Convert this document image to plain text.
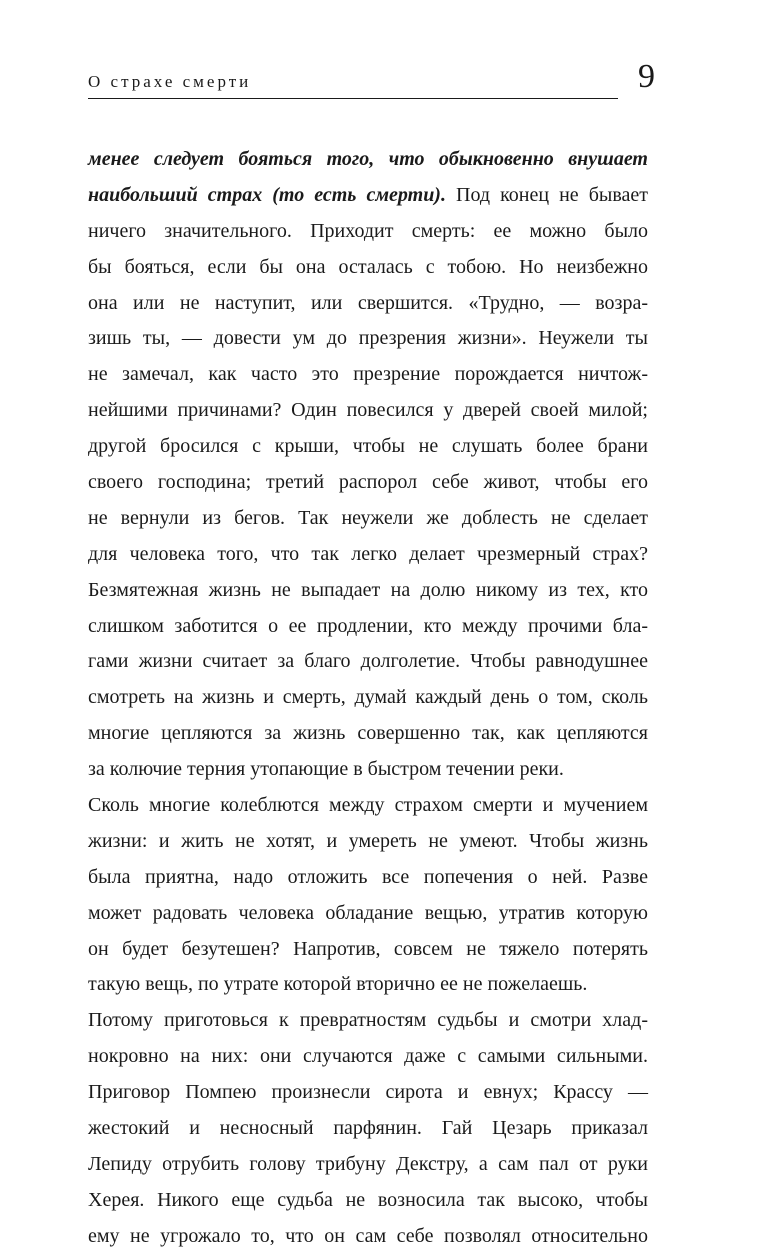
О страхе смерти	9
менее следует бояться того, что обыкновенно внушает
наибольший страх (то есть смерти). Под конец не бывает
ничего значительного. Приходит смерть: ее можно было
бы бояться, если бы она осталась с тобою. Но неизбежно
она или не наступит, или свершится. «Трудно, — возра-
зишь ты, — довести ум до презрения жизни». Неужели ты
не замечал, как часто это презрение порождается ничтож-
нейшими причинами? Один повесился у дверей своей милой;
другой бросился с крыши, чтобы не слушать более брани
своего господина; третий распорол себе живот, чтобы его
не вернули из бегов. Так неужели же доблесть не сделает
для человека того, что так легко делает чрезмерный страх?
Безмятежная жизнь не выпадает на долю никому из тех, кто
слишком заботится о ее продлении, кто между прочими бла-
гами жизни считает за благо долголетие. Чтобы равнодушнее
смотреть на жизнь и смерть, думай каждый день о том, сколь
многие цепляются за жизнь совершенно так, как цепляются
за колючие терния утопающие в быстром течении реки.
Сколь многие колеблются между страхом смерти и мучением
жизни: и жить не хотят, и умереть не умеют. Чтобы жизнь
была приятна, надо отложить все попечения о ней. Разве
может радовать человека обладание вещью, утратив которую
он будет безутешен? Напротив, совсем не тяжело потерять
такую вещь, по утрате которой вторично ее не пожелаешь.
Потому приготовься к превратностям судьбы и смотри хлад-
нокровно на них: они случаются даже с самыми сильными.
Приговор Помпею произнесли сирота и евнух; Крассу —
жестокий и несносный парфянин. Гай Цезарь приказал
Лепиду отрубить голову трибуну Декстру, а сам пал от руки
Херея. Никого еще судьба не возносила так высоко, чтобы
ему не угрожало то, что он сам себе позволял относительно
